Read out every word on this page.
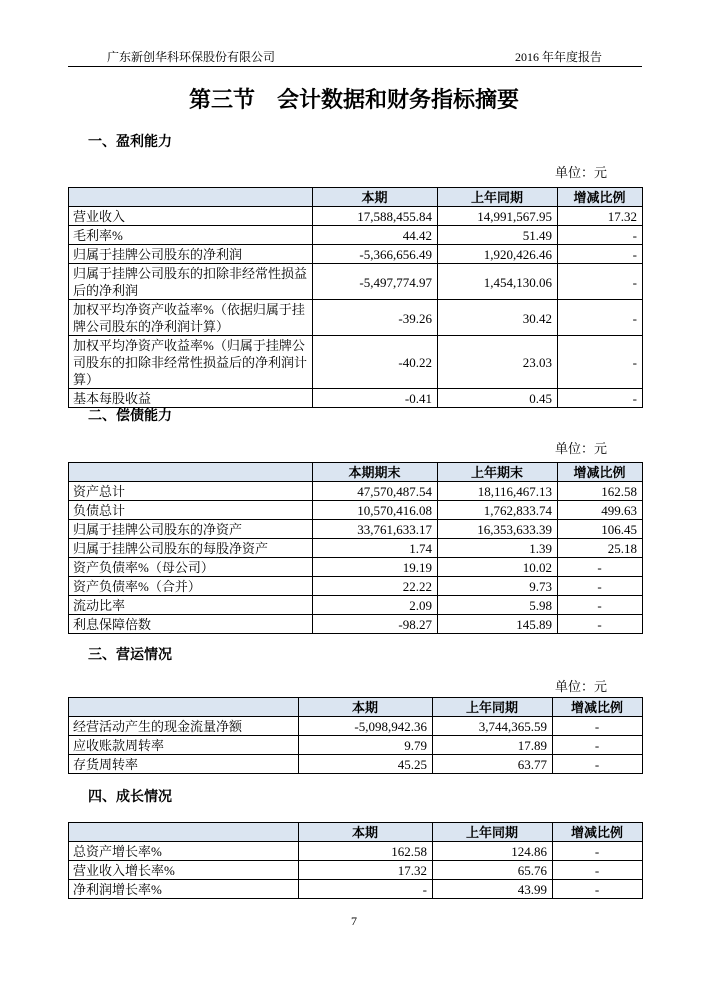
广东新创华科环保股份有限公司	2016 年年度报告
第三节　会计数据和财务指标摘要
一、盈利能力
单位：元
	本期	上年同期	增减比例
营业收入	17,588,455.84	14,991,567.95	17.32
毛利率%	44.42	51.49	-
归属于挂牌公司股东的净利润	-5,366,656.49	1,920,426.46	-
归属于挂牌公司股东的扣除非经常性损益后的净利润	-5,497,774.97	1,454,130.06	-
加权平均净资产收益率%（依据归属于挂牌公司股东的净利润计算）	-39.26	30.42	-
加权平均净资产收益率%（归属于挂牌公司股东的扣除非经常性损益后的净利润计算）	-40.22	23.03	-
基本每股收益	-0.41	0.45	-
二、偿债能力
单位：元
	本期期末	上年期末	增减比例
资产总计	47,570,487.54	18,116,467.13	162.58
负债总计	10,570,416.08	1,762,833.74	499.63
归属于挂牌公司股东的净资产	33,761,633.17	16,353,633.39	106.45
归属于挂牌公司股东的每股净资产	1.74	1.39	25.18
资产负债率%（母公司）	19.19	10.02	-
资产负债率%（合并）	22.22	9.73	-
流动比率	2.09	5.98	-
利息保障倍数	-98.27	145.89	-
三、营运情况
单位：元
	本期	上年同期	增减比例
经营活动产生的现金流量净额	-5,098,942.36	3,744,365.59	-
应收账款周转率	9.79	17.89	-
存货周转率	45.25	63.77	-
四、成长情况
	本期	上年同期	增减比例
总资产增长率%	162.58	124.86	-
营业收入增长率%	17.32	65.76	-
净利润增长率%	-	43.99	-
7
